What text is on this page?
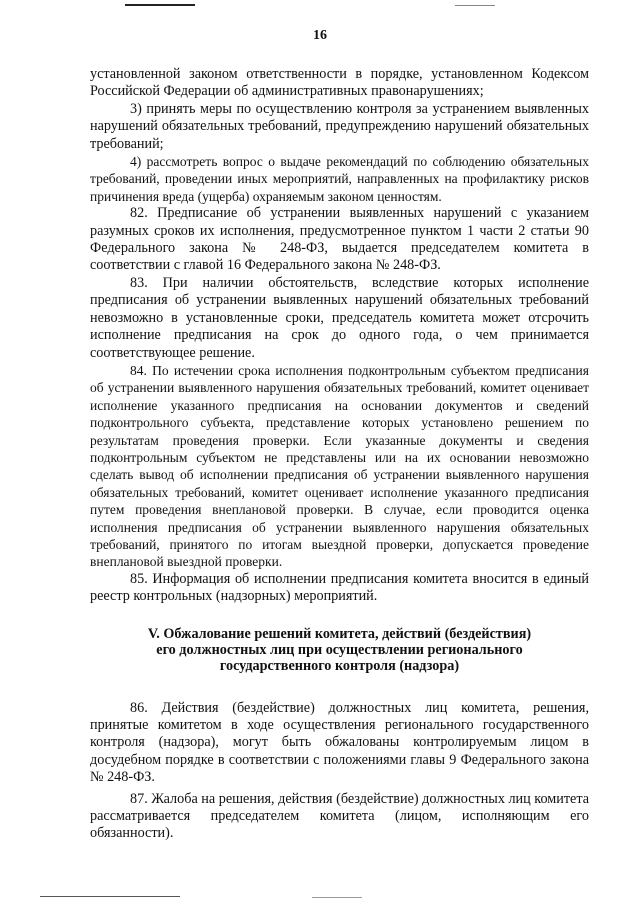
16

установленной законом ответственности в порядке, установленном Кодексом Российской Федерации об административных правонарушениях;

3) принять меры по осуществлению контроля за устранением выявленных нарушений обязательных требований, предупреждению нарушений обязательных требований;

4) рассмотреть вопрос о выдаче рекомендаций по соблюдению обязательных требований, проведении иных мероприятий, направленных на профилактику рисков причинения вреда (ущерба) охраняемым законом ценностям.

82. Предписание об устранении выявленных нарушений с указанием разумных сроков их исполнения, предусмотренное пунктом 1 части 2 статьи 90 Федерального закона № 248-ФЗ, выдается председателем комитета в соответствии с главой 16 Федерального закона № 248-ФЗ.

83. При наличии обстоятельств, вследствие которых исполнение предписания об устранении выявленных нарушений обязательных требований невозможно в установленные сроки, председатель комитета может отсрочить исполнение предписания на срок до одного года, о чем принимается соответствующее решение.

84. По истечении срока исполнения подконтрольным субъектом предписания об устранении выявленного нарушения обязательных требований, комитет оценивает исполнение указанного предписания на основании документов и сведений подконтрольного субъекта, представление которых установлено решением по результатам проведения проверки. Если указанные документы и сведения подконтрольным субъектом не представлены или на их основании невозможно сделать вывод об исполнении предписания об устранении выявленного нарушения обязательных требований, комитет оценивает исполнение указанного предписания путем проведения внеплановой проверки. В случае, если проводится оценка исполнения предписания об устранении выявленного нарушения обязательных требований, принятого по итогам выездной проверки, допускается проведение внеплановой выездной проверки.

85. Информация об исполнении предписания комитета вносится в единый реестр контрольных (надзорных) мероприятий.

V. Обжалование решений комитета, действий (бездействия)
его должностных лиц при осуществлении регионального
государственного контроля (надзора)

86. Действия (бездействие) должностных лиц комитета, решения, принятые комитетом в ходе осуществления регионального государственного контроля (надзора), могут быть обжалованы контролируемым лицом в досудебном порядке в соответствии с положениями главы 9 Федерального закона № 248-ФЗ.

87. Жалоба на решения, действия (бездействие) должностных лиц комитета рассматривается председателем комитета (лицом, исполняющим его обязанности).
